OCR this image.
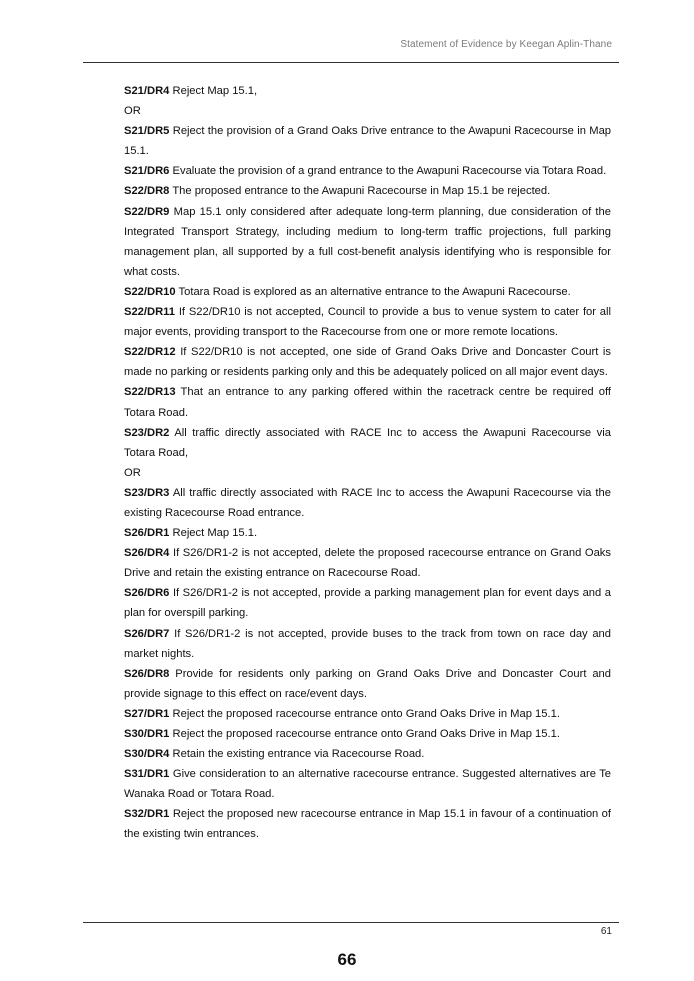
Statement of Evidence by Keegan Aplin-Thane

S21/DR4 Reject Map 15.1,

OR

S21/DR5 Reject the provision of a Grand Oaks Drive entrance to the Awapuni Racecourse in Map 15.1.

S21/DR6 Evaluate the provision of a grand entrance to the Awapuni Racecourse via Totara Road.

S22/DR8 The proposed entrance to the Awapuni Racecourse in Map 15.1 be rejected.

S22/DR9 Map 15.1 only considered after adequate long-term planning, due consideration of the Integrated Transport Strategy, including medium to long-term traffic projections, full parking management plan, all supported by a full cost-benefit analysis identifying who is responsible for what costs.

S22/DR10 Totara Road is explored as an alternative entrance to the Awapuni Racecourse.

S22/DR11 If S22/DR10 is not accepted, Council to provide a bus to venue system to cater for all major events, providing transport to the Racecourse from one or more remote locations.

S22/DR12 If S22/DR10 is not accepted, one side of Grand Oaks Drive and Doncaster Court is made no parking or residents parking only and this be adequately policed on all major event days.

S22/DR13 That an entrance to any parking offered within the racetrack centre be required off Totara Road.

S23/DR2 All traffic directly associated with RACE Inc to access the Awapuni Racecourse via Totara Road,

OR

S23/DR3 All traffic directly associated with RACE Inc to access the Awapuni Racecourse via the existing Racecourse Road entrance.

S26/DR1 Reject Map 15.1.

S26/DR4 If S26/DR1-2 is not accepted, delete the proposed racecourse entrance on Grand Oaks Drive and retain the existing entrance on Racecourse Road.

S26/DR6 If S26/DR1-2 is not accepted, provide a parking management plan for event days and a plan for overspill parking.

S26/DR7 If S26/DR1-2 is not accepted, provide buses to the track from town on race day and market nights.

S26/DR8 Provide for residents only parking on Grand Oaks Drive and Doncaster Court and provide signage to this effect on race/event days.

S27/DR1 Reject the proposed racecourse entrance onto Grand Oaks Drive in Map 15.1.

S30/DR1 Reject the proposed racecourse entrance onto Grand Oaks Drive in Map 15.1.

S30/DR4 Retain the existing entrance via Racecourse Road.

S31/DR1 Give consideration to an alternative racecourse entrance. Suggested alternatives are Te Wanaka Road or Totara Road.

S32/DR1 Reject the proposed new racecourse entrance in Map 15.1 in favour of a continuation of the existing twin entrances.

61
66
